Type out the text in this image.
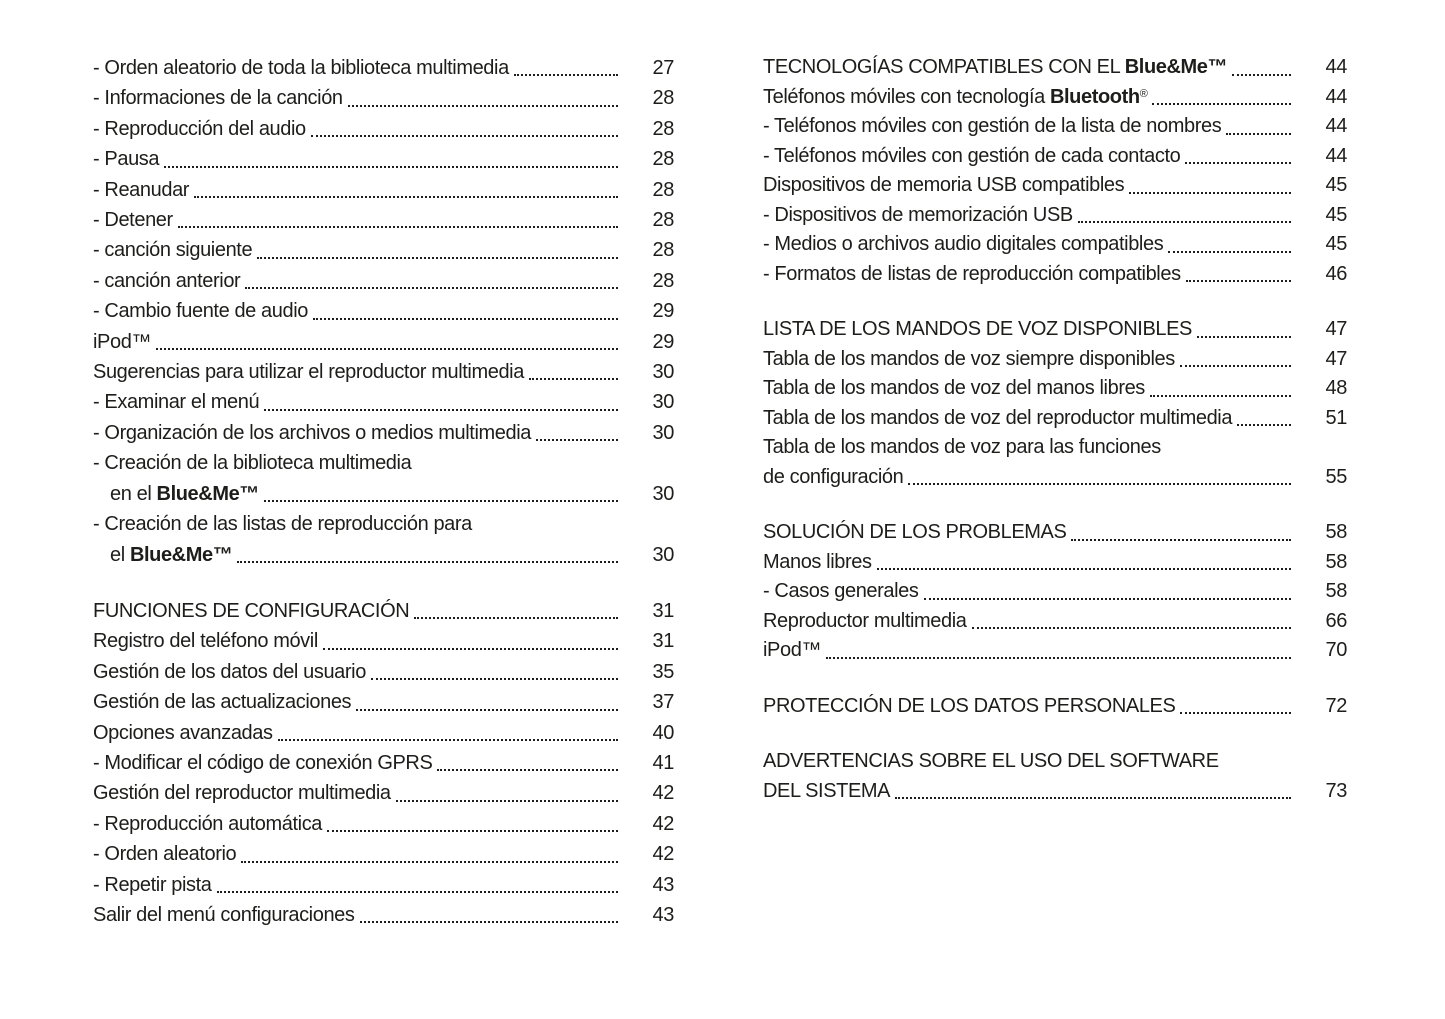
- Orden aleatorio de toda la biblioteca multimedia	27
- Informaciones de la canción	28
- Reproducción del audio	28
- Pausa	28
- Reanudar	28
- Detener	28
- canción siguiente	28
- canción anterior	28
- Cambio fuente de audio	29
iPod™	29
Sugerencias para utilizar el reproductor multimedia	30
- Examinar el menú	30
- Organización de los archivos o medios multimedia	30
- Creación de la biblioteca multimedia
en el Blue&Me™	30
- Creación de las listas de reproducción para
el Blue&Me™	30
FUNCIONES DE CONFIGURACIÓN	31
Registro del teléfono móvil	31
Gestión de los datos del usuario	35
Gestión de las actualizaciones	37
Opciones avanzadas	40
- Modificar el código de conexión GPRS	41
Gestión del reproductor multimedia	42
- Reproducción automática	42
- Orden aleatorio	42
- Repetir pista	43
Salir del menú configuraciones	43
TECNOLOGÍAS COMPATIBLES CON EL Blue&Me™	44
Teléfonos móviles con tecnología Bluetooth®	44
- Teléfonos móviles con gestión de la lista de nombres	44
- Teléfonos móviles con gestión de cada contacto	44
Dispositivos de memoria USB compatibles	45
- Dispositivos de memorización USB	45
- Medios o archivos audio digitales compatibles	45
- Formatos de listas de reproducción compatibles	46
LISTA DE LOS MANDOS DE VOZ DISPONIBLES	47
Tabla de los mandos de voz siempre disponibles	47
Tabla de los mandos de voz del manos libres	48
Tabla de los mandos de voz del reproductor multimedia	51
Tabla de los mandos de voz para las funciones
de configuración	55
SOLUCIÓN DE LOS PROBLEMAS	58
Manos libres	58
- Casos generales	58
Reproductor multimedia	66
iPod™	70
PROTECCIÓN DE LOS DATOS PERSONALES	72
ADVERTENCIAS SOBRE EL USO DEL SOFTWARE
DEL SISTEMA	73
